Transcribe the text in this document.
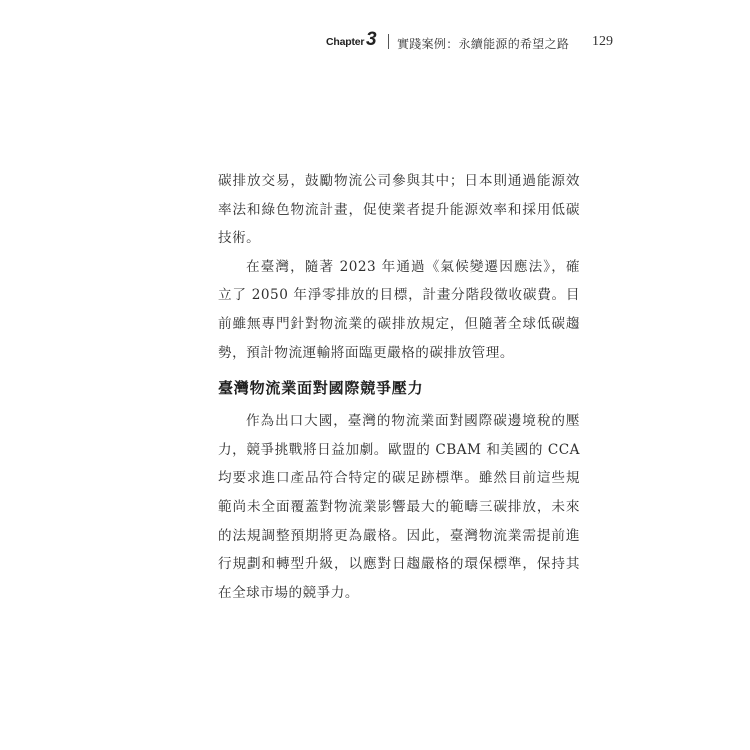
Chapter 3 實踐案例：永續能源的希望之路 129

碳排放交易，鼓勵物流公司參與其中；日本則通過能源效率法和綠色物流計畫，促使業者提升能源效率和採用低碳技術。

在臺灣，隨著 2023 年通過《氣候變遷因應法》，確立了 2050 年淨零排放的目標，計畫分階段徵收碳費。目前雖無專門針對物流業的碳排放規定，但隨著全球低碳趨勢，預計物流運輸將面臨更嚴格的碳排放管理。

臺灣物流業面對國際競爭壓力

作為出口大國，臺灣的物流業面對國際碳邊境稅的壓力，競爭挑戰將日益加劇。歐盟的 CBAM 和美國的 CCA 均要求進口產品符合特定的碳足跡標準。雖然目前這些規範尚未全面覆蓋對物流業影響最大的範疇三碳排放，未來的法規調整預期將更為嚴格。因此，臺灣物流業需提前進行規劃和轉型升級，以應對日趨嚴格的環保標準，保持其在全球市場的競爭力。
